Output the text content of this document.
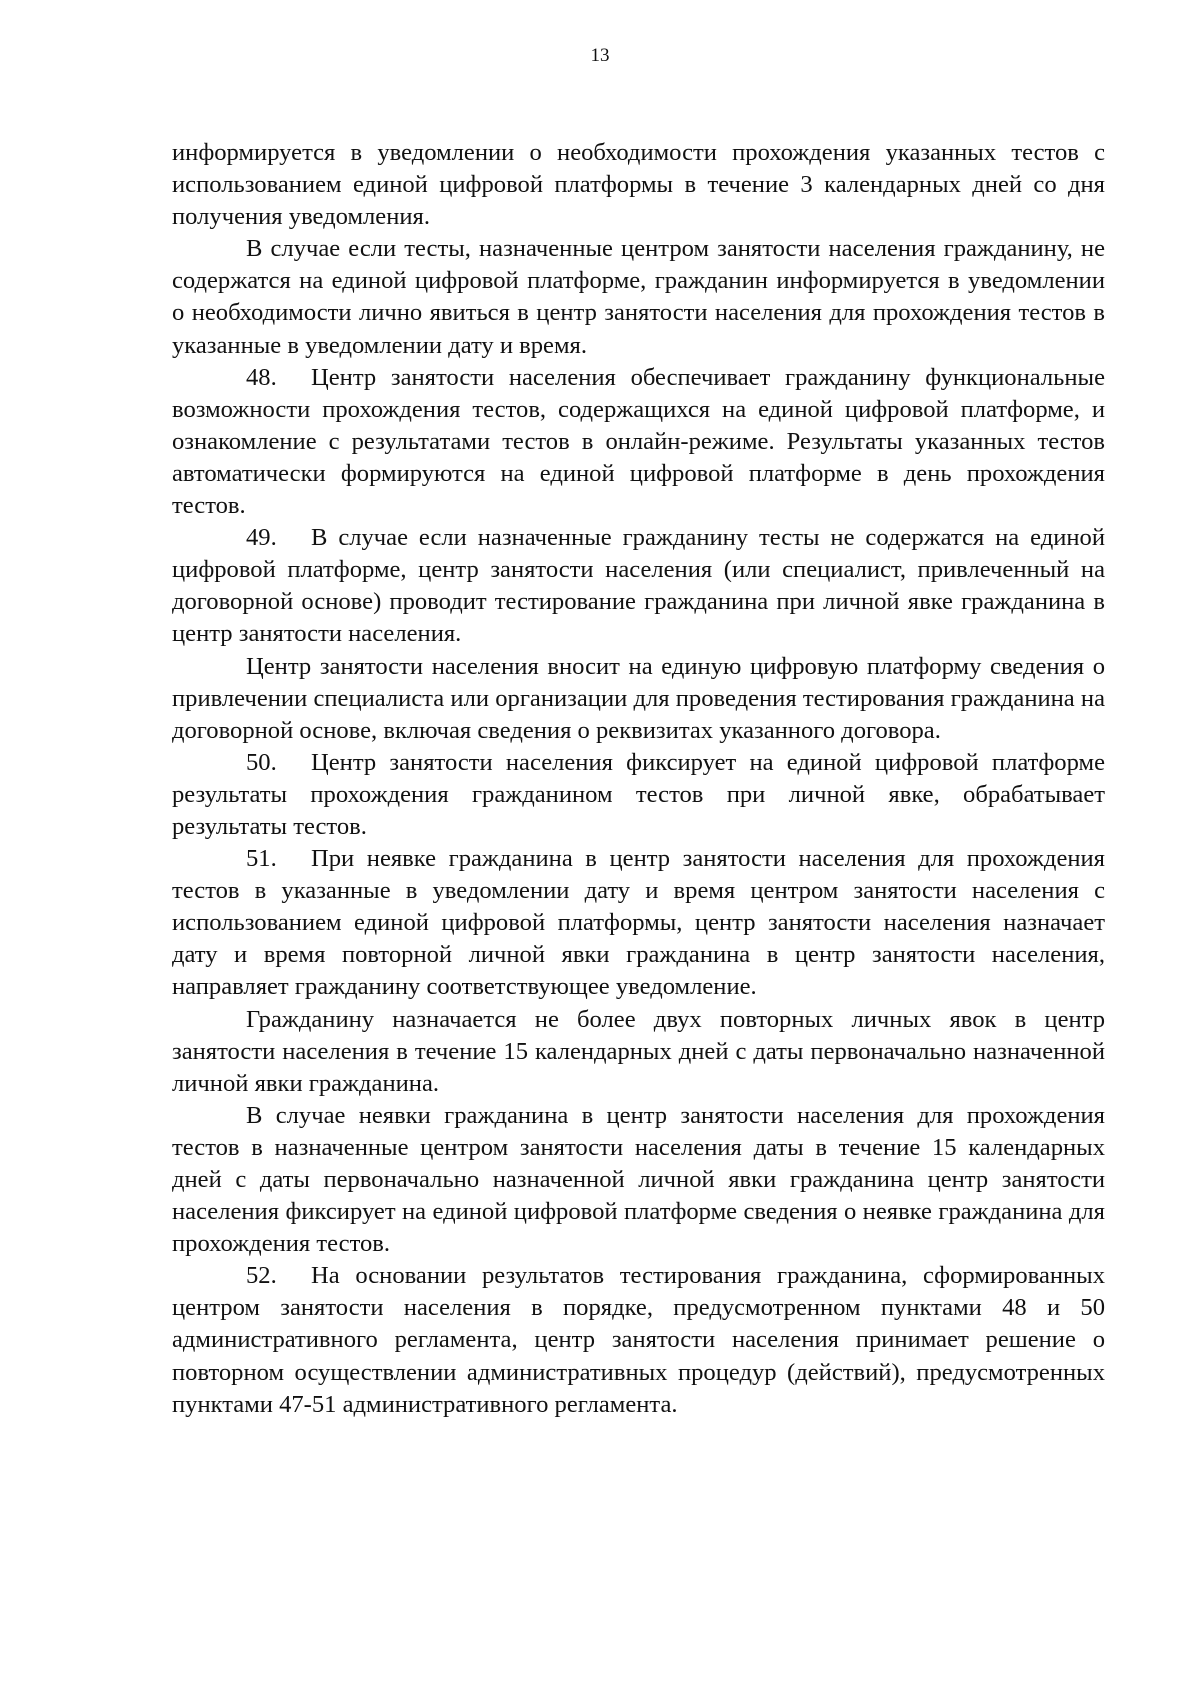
13

информируется в уведомлении о необходимости прохождения указанных тестов с использованием единой цифровой платформы в течение 3 календарных дней со дня получения уведомления.

В случае если тесты, назначенные центром занятости населения гражданину, не содержатся на единой цифровой платформе, гражданин информируется в уведомлении о необходимости лично явиться в центр занятости населения для прохождения тестов в указанные в уведомлении дату и время.

48. Центр занятости населения обеспечивает гражданину функциональные возможности прохождения тестов, содержащихся на единой цифровой платформе, и ознакомление с результатами тестов в онлайн-режиме. Результаты указанных тестов автоматически формируются на единой цифровой платформе в день прохождения тестов.

49. В случае если назначенные гражданину тесты не содержатся на единой цифровой платформе, центр занятости населения (или специалист, привлеченный на договорной основе) проводит тестирование гражданина при личной явке гражданина в центр занятости населения.

Центр занятости населения вносит на единую цифровую платформу сведения о привлечении специалиста или организации для проведения тестирования гражданина на договорной основе, включая сведения о реквизитах указанного договора.

50. Центр занятости населения фиксирует на единой цифровой платформе результаты прохождения гражданином тестов при личной явке, обрабатывает результаты тестов.

51. При неявке гражданина в центр занятости населения для прохождения тестов в указанные в уведомлении дату и время центром занятости населения с использованием единой цифровой платформы, центр занятости населения назначает дату и время повторной личной явки гражданина в центр занятости населения, направляет гражданину соответствующее уведомление.

Гражданину назначается не более двух повторных личных явок в центр занятости населения в течение 15 календарных дней с даты первоначально назначенной личной явки гражданина.

В случае неявки гражданина в центр занятости населения для прохождения тестов в назначенные центром занятости населения даты в течение 15 календарных дней с даты первоначально назначенной личной явки гражданина центр занятости населения фиксирует на единой цифровой платформе сведения о неявке гражданина для прохождения тестов.

52. На основании результатов тестирования гражданина, сформированных центром занятости населения в порядке, предусмотренном пунктами 48 и 50 административного регламента, центр занятости населения принимает решение о повторном осуществлении административных процедур (действий), предусмотренных пунктами 47-51 административного регламента.
